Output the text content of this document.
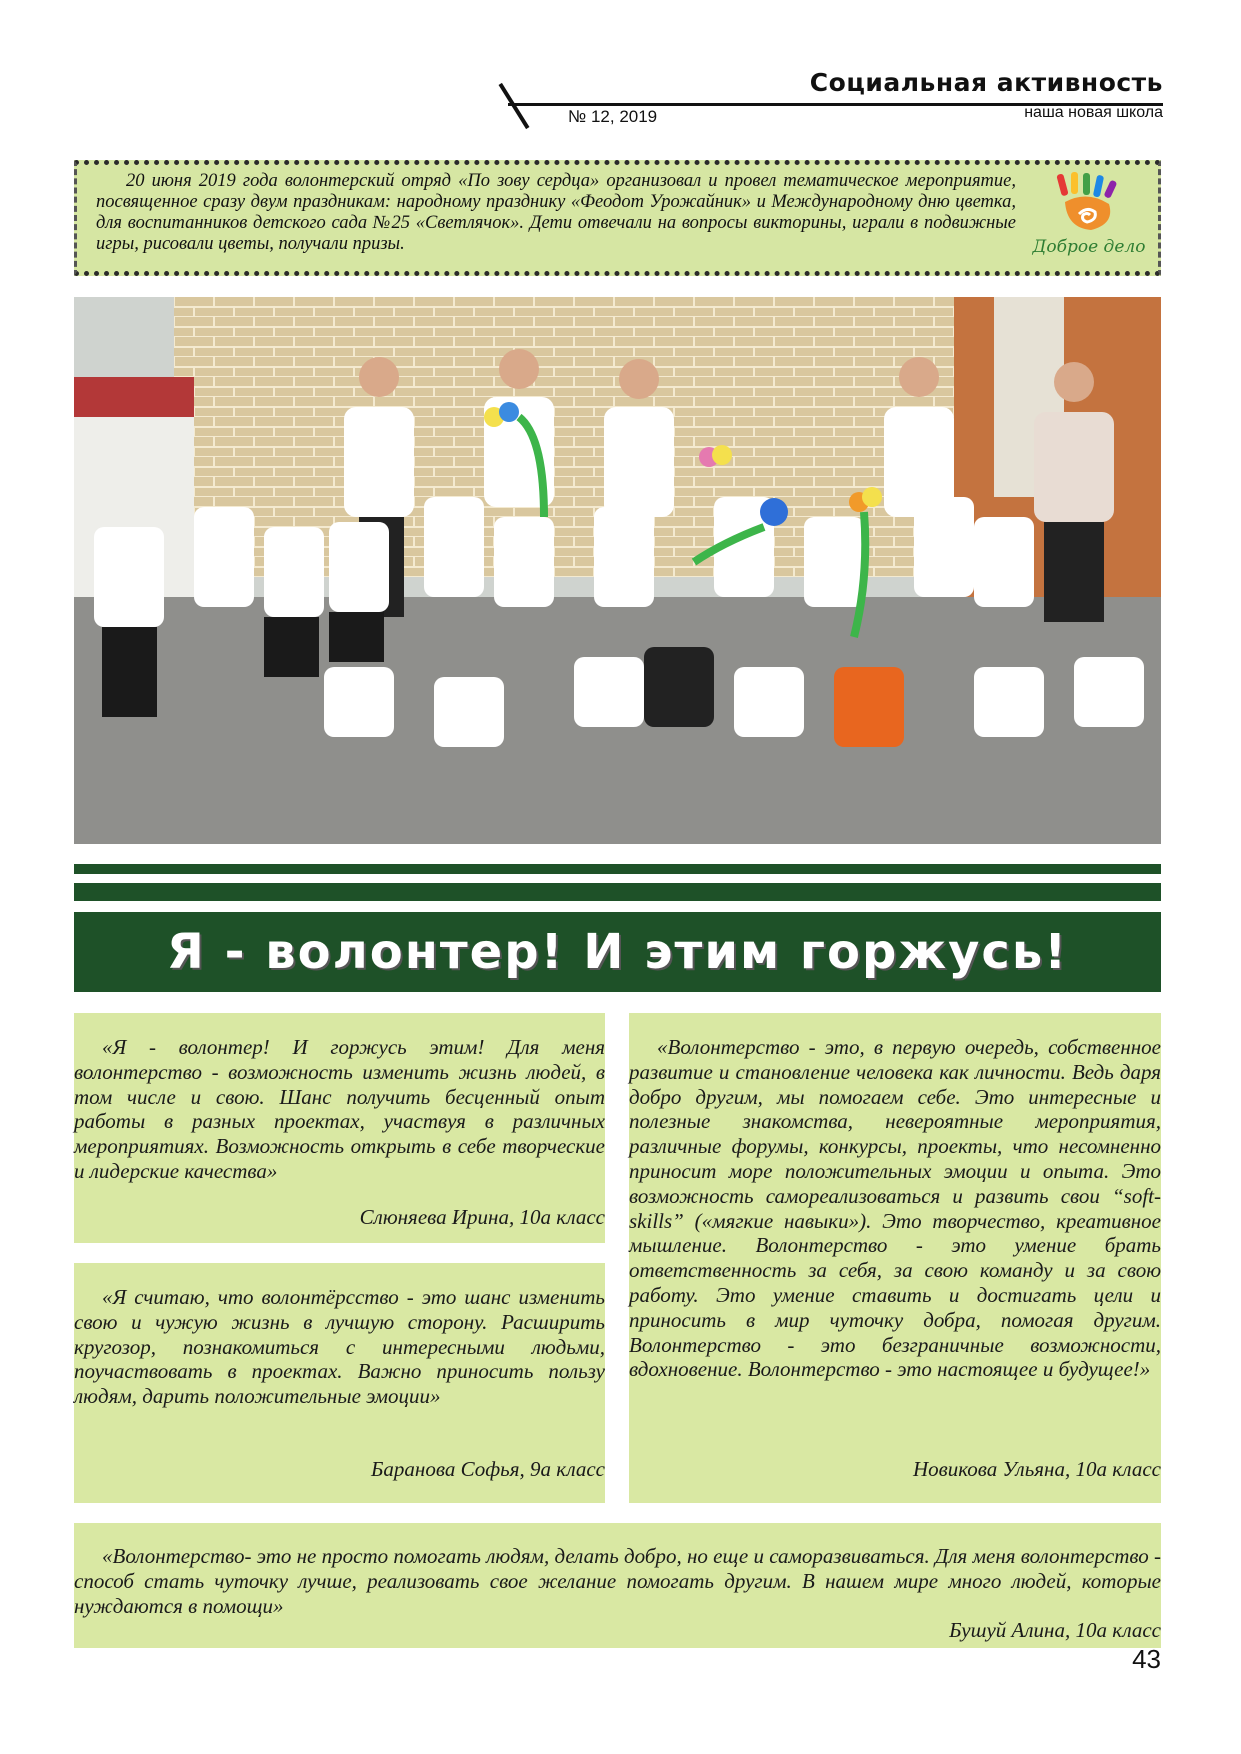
Социальная активность
№ 12, 2019	наша новая школа
20 июня 2019 года волонтерский отряд «По зову сердца» организовал и провел тематическое мероприятие, посвященное сразу двум праздникам: народному празднику «Феодот Урожайник» и Международному дню цветка, для воспитанников детского сада №25 «Светлячок». Дети отвечали на вопросы викторины, играли в подвижные игры, рисовали цветы, получали призы.	Доброе дело
Я - волонтер! И этим горжусь!
«Я - волонтер! И горжусь этим! Для меня волонтерство - возможность изменить жизнь людей, в том числе и свою. Шанс получить бесценный опыт работы в разных проектах, участвуя в различных мероприятиях. Возможность открыть в себе творческие и лидерские качества»
Слюняева Ирина, 10а класс
«Я считаю, что волонтёрсство - это шанс изменить свою и чужую жизнь в лучшую сторону. Расширить кругозор, познакомиться с интересными людьми, поучаствовать в проектах. Важно приносить пользу людям, дарить положительные эмоции»
Баранова Софья, 9а класс
«Волонтерство - это, в первую очередь, собственное развитие и становление человека как личности. Ведь даря добро другим, мы помогаем себе. Это интересные и полезные знакомства, невероятные мероприятия, различные форумы, конкурсы, проекты, что несомненно приносит море положительных эмоции и опыта. Это возможность самореализоваться и развить свои “soft-skills” («мягкие навыки»). Это творчество, креативное мышление. Волонтерство - это умение брать ответственность за себя, за свою команду и за свою работу. Это умение ставить и достигать цели и приносить в мир чуточку добра, помогая другим. Волонтерство - это безграничные возможности, вдохновение. Волонтерство - это настоящее и будущее!»
Новикова Ульяна, 10а класс
«Волонтерство- это не просто помогать людям, делать добро, но еще и саморазвиваться. Для меня волонтерство - способ стать чуточку лучше, реализовать свое желание помогать другим. В нашем мире много людей, которые нуждаются в помощи»
Бушуй Алина, 10а класс
43
